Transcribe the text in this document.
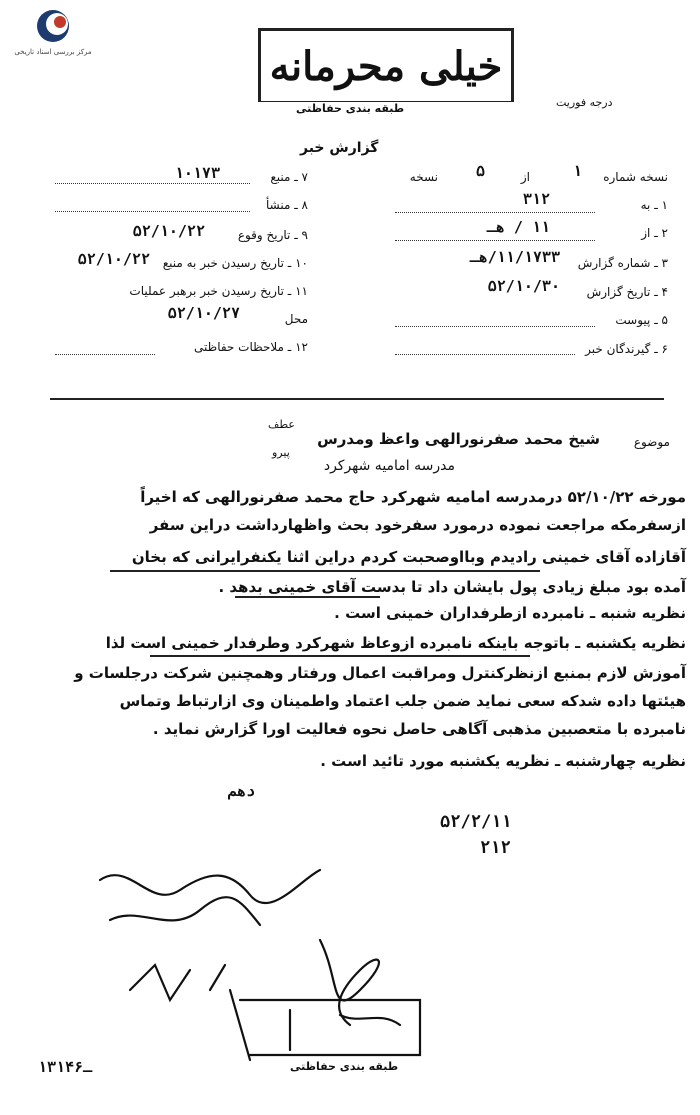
مرکز بررسی اسناد تاریخی	خیلی محرمانه
طبقه بندی حفاظتی	درجه فوریت
گزارش خبر
نسخه شماره
۱
از
۵
نسخه
۱ ـ به
۳۱۲
۲ ـ از
۱۱ / هـ
۳ ـ شماره گزارش
۱۱/۱۷۳۳/هـ
۴ ـ تاریخ گزارش
۵۲/۱۰/۳۰
۵ ـ پیوست
۶ ـ گیرندگان خبر
۷ ـ منبع
۱۰۱۷۳
۸ ـ منشأ
۹ ـ تاریخ وقوع
۵۲/۱۰/۲۲
۱۰ ـ تاریخ رسیدن خبر به منبع
۵۲/۱۰/۲۲
۱۱ ـ تاریخ رسیدن خبر برهبر عملیات
محل
۵۲/۱۰/۲۷
۱۲ ـ ملاحظات حفاظتی
موضوع
شیخ محمد صفرنورالهی واعظ ومدرس
عطف
پیرو
مدرسه امامیه شهرکرد
مورخه ۵۲/۱۰/۲۲ درمدرسه امامیه شهرکرد حاج محمد صفرنورالهی که اخیراً
ازسفرمکه مراجعت نموده درمورد سفرخود بحث واظهارداشت دراین سفر
آقازاده آقای خمینی رادیدم وبااوصحبت کردم دراین اثنا یکنفرایرانی که بخان
آمده بود مبلغ زیادی پول بایشان داد تا بدست آقای خمینی بدهد .
نظریه شنبه ـ نامبرده ازطرفداران خمینی است .
نظریه یکشنبه ـ باتوجه باینکه نامبرده ازوعاظ شهرکرد وطرفدار خمینی است لذا
آموزش لازم بمنبع ازنظرکنترل ومراقبت اعمال ورفتار وهمچنین شرکت درجلسات و
هیئتها داده شدکه سعی نماید ضمن جلب اعتماد واطمینان وی ازارتباط وتماس
نامبرده با متعصبین مذهبی آگاهی حاصل نحوه فعالیت اورا گزارش نماید .
نظریه چهارشنبه ـ نظریه یکشنبه مورد تائید است .
دهم
۵۲/۲/۱۱
۲۱۲
طبقه بندی حفاظتی
۱۳۱ـ۴۶
